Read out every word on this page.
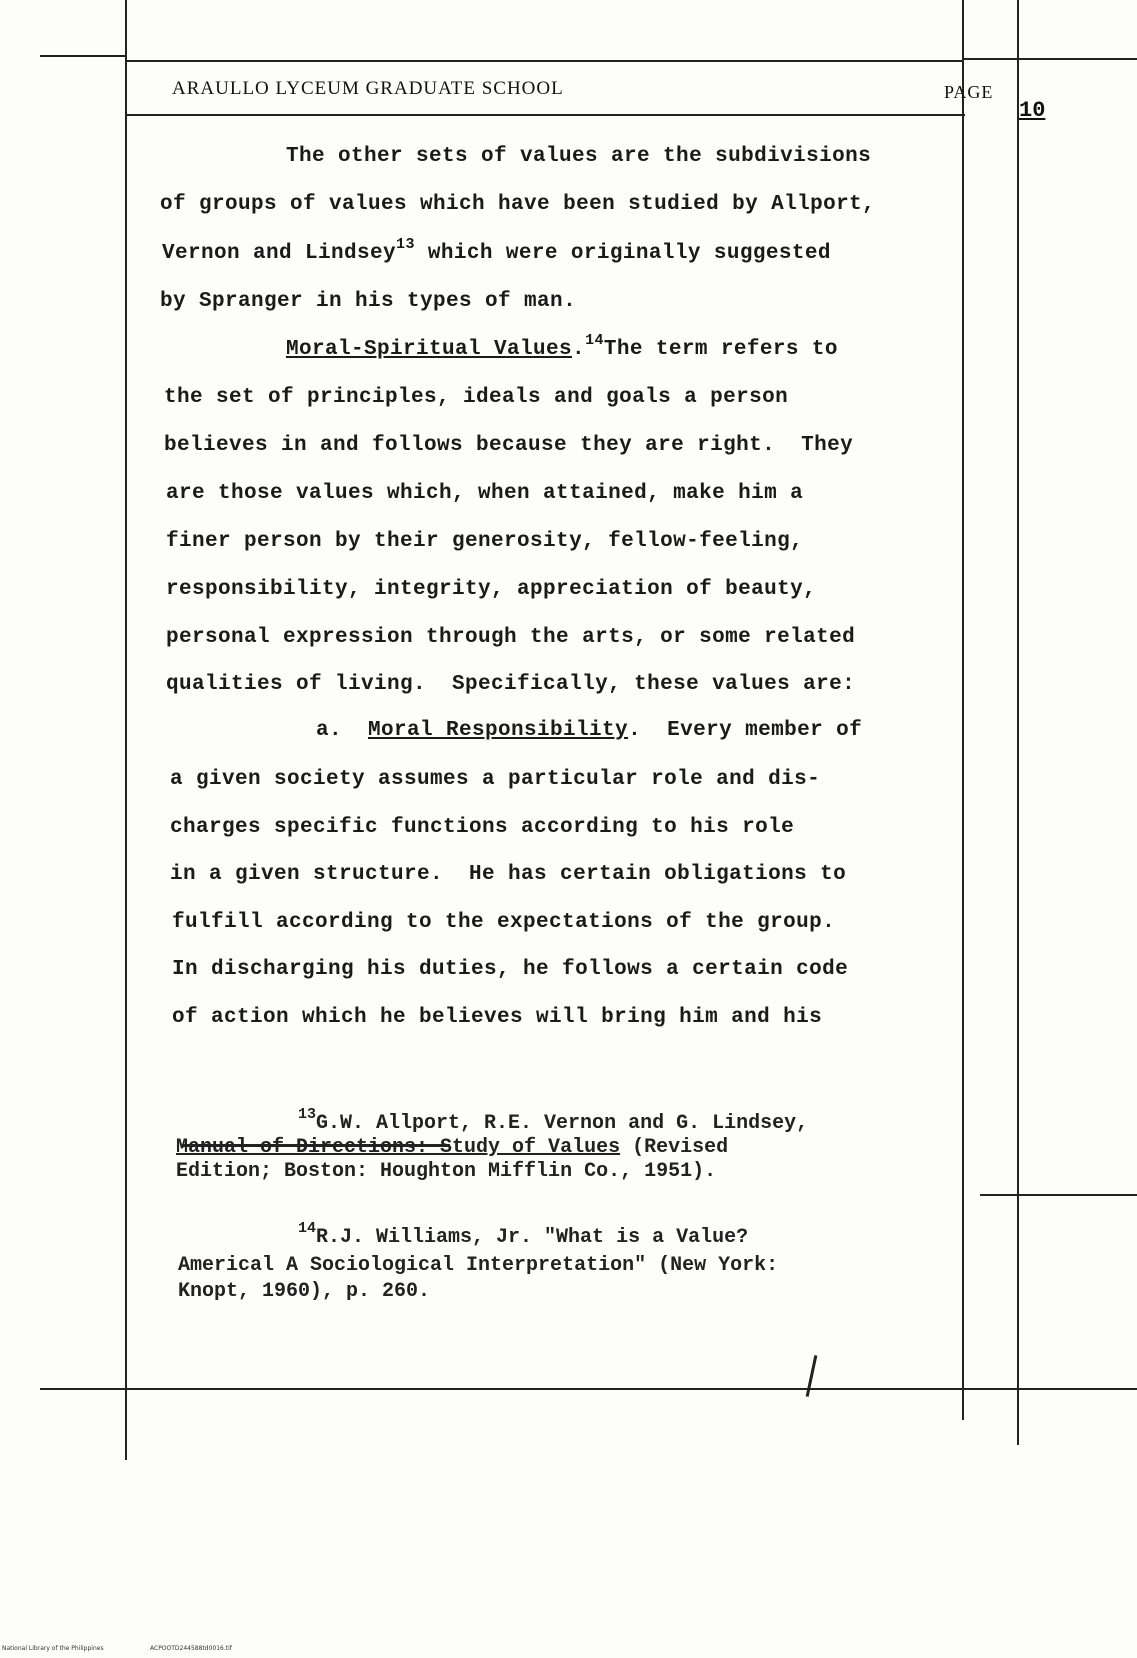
ARAULLO LYCEUM GRADUATE SCHOOL	PAGE
10
The other sets of values are the subdivisions
of groups of values which have been studied by Allport,
Vernon and Lindsey$^{13}$ which were originally suggested
by Spranger in his types of man.
Moral-Spiritual Values.$^{14}$The term refers to
the set of principles, ideals and goals a person
believes in and follows because they are right.  They
are those values which, when attained, make him a
finer person by their generosity, fellow-feeling,
responsibility, integrity, appreciation of beauty,
personal expression through the arts, or some related
qualities of living.  Specifically, these values are:
a.  Moral Responsibility.  Every member of
a given society assumes a particular role and dis-
charges specific functions according to his role
in a given structure.  He has certain obligations to
fulfill according to the expectations of the group.
In discharging his duties, he follows a certain code
of action which he believes will bring him and his
$^{13}$G.W. Allport, R.E. Vernon and G. Lindsey,
Manual of Directions: Study of Values (Revised
Edition; Boston: Houghton Mifflin Co., 1951).
$^{14}$R.J. Williams, Jr. "What is a Value?
Americal A Sociological Interpretation" (New York:
Knopt, 1960), p. 260.
National Library of the Philippines	ACPOOTD244588td0016.tif
